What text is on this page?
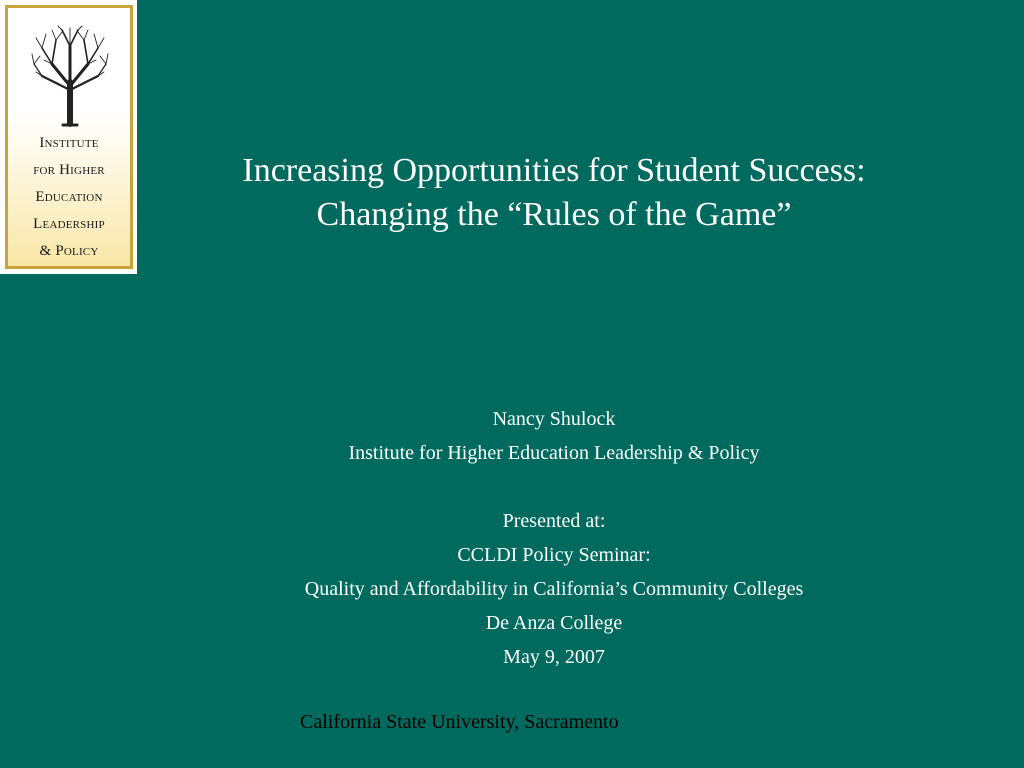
Institute
for Higher
Education
Leadership
& Policy
Increasing Opportunities for Student Success:
Changing the “Rules of the Game”
Nancy Shulock
Institute for Higher Education Leadership & Policy
Presented at:
CCLDI Policy Seminar:
Quality and Affordability in California’s Community Colleges
De Anza College
May 9, 2007
California State University, Sacramento
